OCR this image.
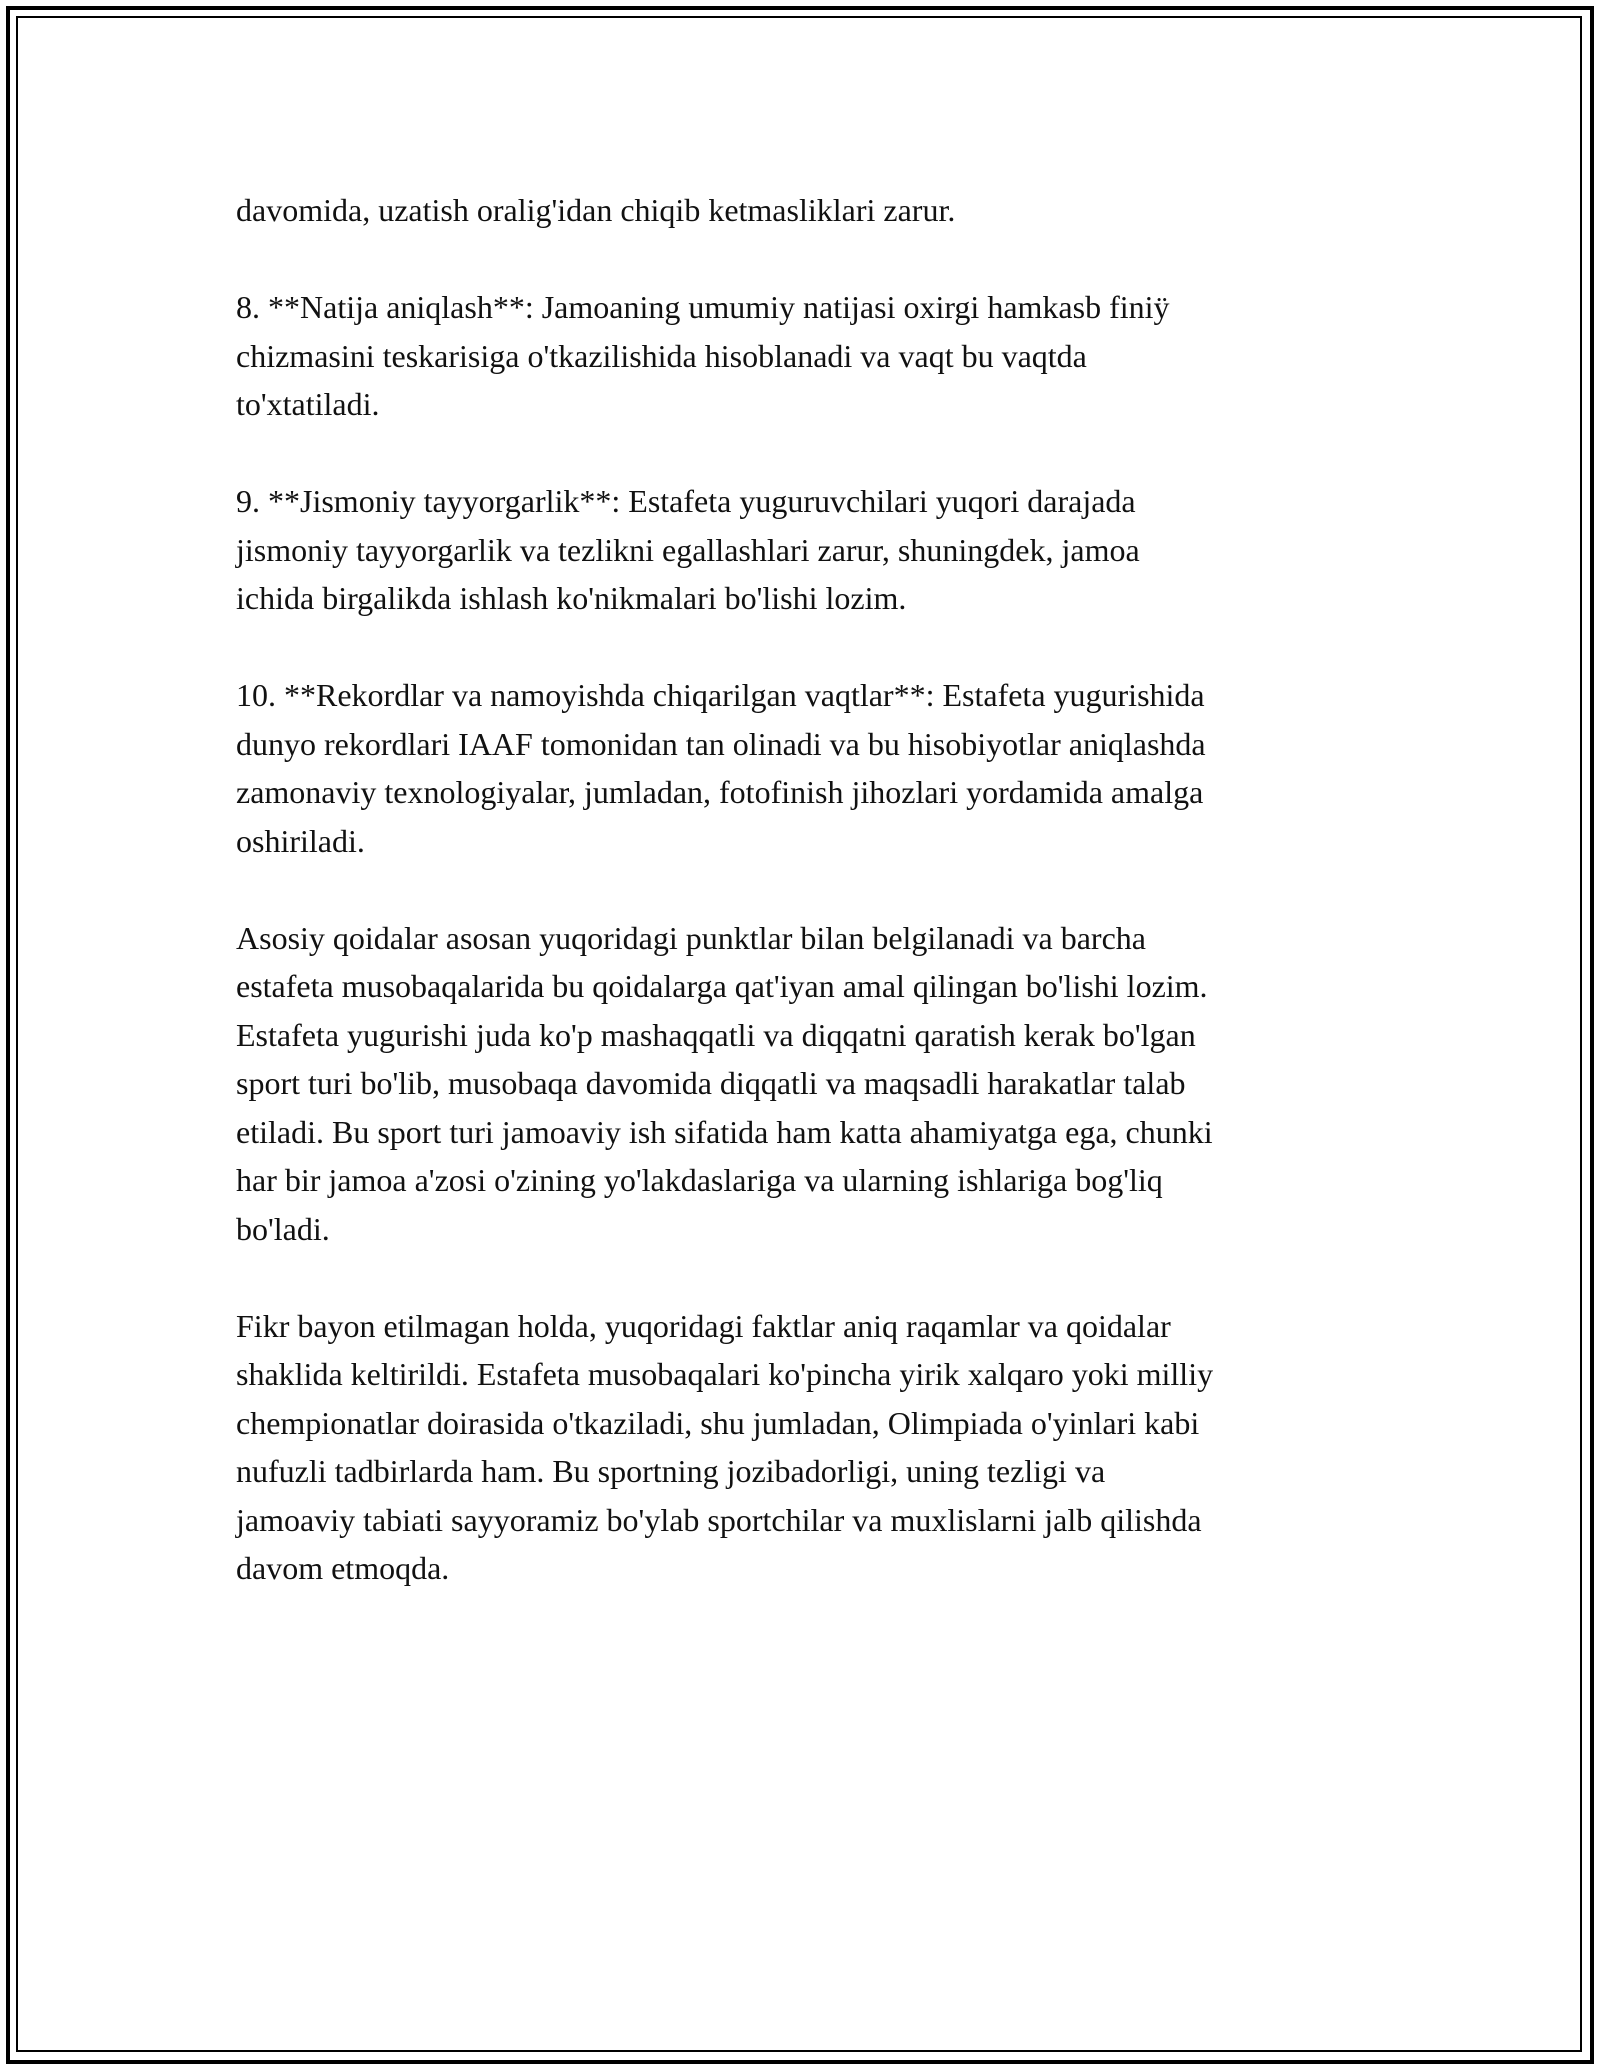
davomida, uzatish oralig'idan chiqib ketmasliklari zarur.

8. **Natija aniqlash**: Jamoaning umumiy natijasi oxirgi hamkasb finiÿ
chizmasini teskarisiga o'tkazilishida hisoblanadi va vaqt bu vaqtda
to'xtatiladi.

9. **Jismoniy tayyorgarlik**: Estafeta yuguruvchilari yuqori darajada
jismoniy tayyorgarlik va tezlikni egallashlari zarur, shuningdek, jamoa
ichida birgalikda ishlash ko'nikmalari bo'lishi lozim.

10. **Rekordlar va namoyishda chiqarilgan vaqtlar**: Estafeta yugurishida
dunyo rekordlari IAAF tomonidan tan olinadi va bu hisobiyotlar aniqlashda
zamonaviy texnologiyalar, jumladan, fotofinish jihozlari yordamida amalga
oshiriladi.

Asosiy qoidalar asosan yuqoridagi punktlar bilan belgilanadi va barcha
estafeta musobaqalarida bu qoidalarga qat'iyan amal qilingan bo'lishi lozim.
Estafeta yugurishi juda ko'p mashaqqatli va diqqatni qaratish kerak bo'lgan
sport turi bo'lib, musobaqa davomida diqqatli va maqsadli harakatlar talab
etiladi. Bu sport turi jamoaviy ish sifatida ham katta ahamiyatga ega, chunki
har bir jamoa a'zosi o'zining yo'lakdaslariga va ularning ishlariga bog'liq
bo'ladi.

Fikr bayon etilmagan holda, yuqoridagi faktlar aniq raqamlar va qoidalar
shaklida keltirildi. Estafeta musobaqalari ko'pincha yirik xalqaro yoki milliy
chempionatlar doirasida o'tkaziladi, shu jumladan, Olimpiada o'yinlari kabi
nufuzli tadbirlarda ham. Bu sportning jozibadorligi, uning tezligi va
jamoaviy tabiati sayyoramiz bo'ylab sportchilar va muxlislarni jalb qilishda
davom etmoqda.
